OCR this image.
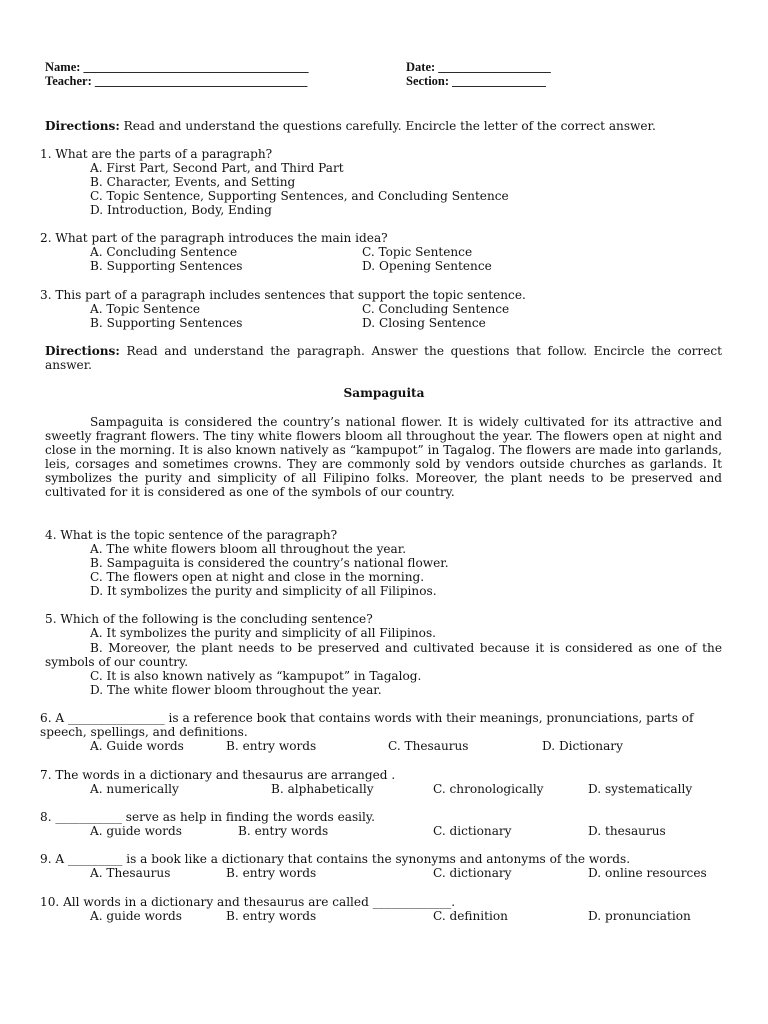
Name: ____________________________________
Teacher: __________________________________
Date: __________________
Section: _______________
Directions: Read and understand the questions carefully. Encircle the letter of the correct answer.
1. What are the parts of a paragraph?
A. First Part, Second Part, and Third Part
B. Character, Events, and Setting
C. Topic Sentence, Supporting Sentences, and Concluding Sentence
D. Introduction, Body, Ending
2. What part of the paragraph introduces the main idea?
A. Concluding Sentence	C. Topic Sentence
B. Supporting Sentences	D. Opening Sentence
3. This part of a paragraph includes sentences that support the topic sentence.
A. Topic Sentence	C. Concluding Sentence
B. Supporting Sentences	D. Closing Sentence
Directions: Read and understand the paragraph. Answer the questions that follow. Encircle the correct answer.
Sampaguita
Sampaguita is considered the country’s national flower. It is widely cultivated for its attractive and sweetly fragrant flowers. The tiny white flowers bloom all throughout the year. The flowers open at night and close in the morning. It is also known natively as “kampupot” in Tagalog. The flowers are made into garlands, leis, corsages and sometimes crowns. They are commonly sold by vendors outside churches as garlands. It symbolizes the purity and simplicity of all Filipino folks. Moreover, the plant needs to be preserved and cultivated for it is considered as one of the symbols of our country.
4. What is the topic sentence of the paragraph?
A. The white flowers bloom all throughout the year.
B. Sampaguita is considered the country’s national flower.
C. The flowers open at night and close in the morning.
D. It symbolizes the purity and simplicity of all Filipinos.
5. Which of the following is the concluding sentence?
A. It symbolizes the purity and simplicity of all Filipinos.
B. Moreover, the plant needs to be preserved and cultivated because it is considered as one of the symbols of our country.
C. It is also known natively as “kampupot” in Tagalog.
D. The white flower bloom throughout the year.
6. A ________________ is a reference book that contains words with their meanings, pronunciations, parts of speech, spellings, and definitions.
A. Guide words	B. entry words	C. Thesaurus	D. Dictionary
7. The words in a dictionary and thesaurus are arranged .
A. numerically	B. alphabetically	C. chronologically	D. systematically
8. ___________ serve as help in finding the words easily.
A. guide words	B. entry words	C. dictionary	D. thesaurus
9. A _________ is a book like a dictionary that contains the synonyms and antonyms of the words.
A. Thesaurus	B. entry words	C. dictionary	D. online resources
10. All words in a dictionary and thesaurus are called _____________.
A. guide words	B. entry words	C. definition	D. pronunciation
